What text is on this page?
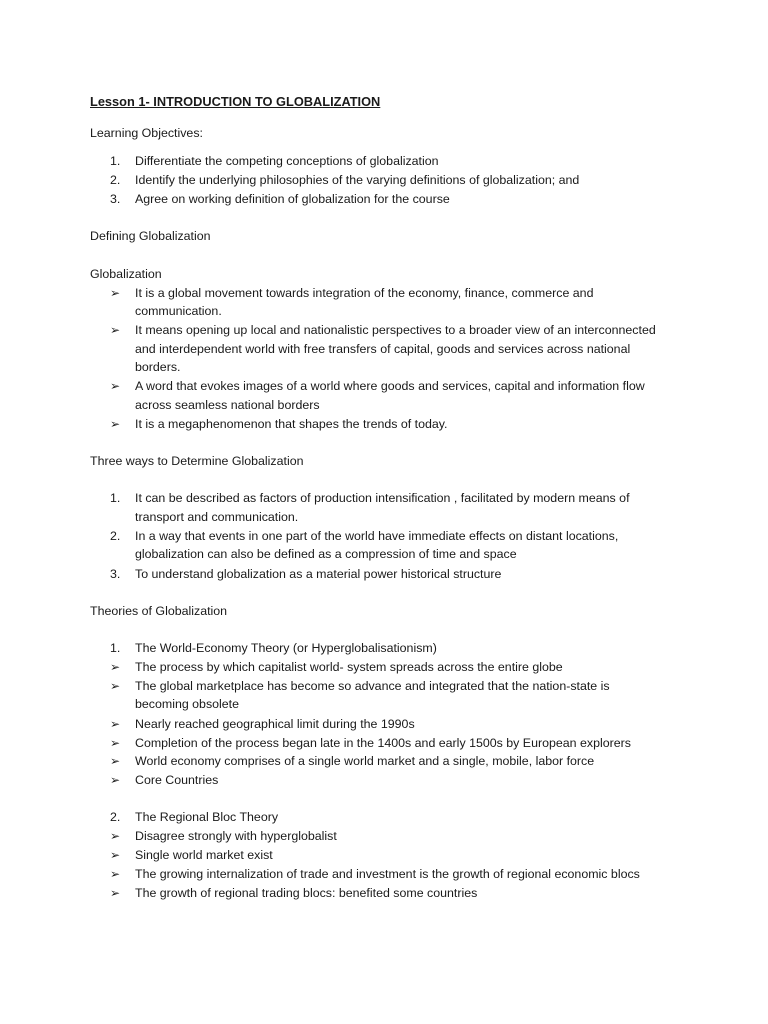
Lesson 1- INTRODUCTION TO GLOBALIZATION
Learning Objectives:
1. Differentiate the competing conceptions of globalization
2. Identify the underlying philosophies of the varying definitions of globalization; and
3. Agree on working definition of globalization for the course
Defining Globalization
Globalization
➢ It is a global movement towards integration of the economy, finance, commerce and
communication.
➢ It means opening up local and nationalistic perspectives to a broader view of an interconnected
and interdependent world with free transfers of capital, goods and services across national
borders.
➢ A word that evokes images of a world where goods and services, capital and information flow
across seamless national borders
➢ It is a megaphenomenon that shapes the trends of today.
Three ways to Determine Globalization
1. It can be described as factors of production intensification , facilitated by modern means of
transport and communication.
2. In a way that events in one part of the world have immediate effects on distant locations,
globalization can also be defined as a compression of time and space
3. To understand globalization as a material power historical structure
Theories of Globalization
1. The World-Economy Theory (or Hyperglobalisationism)
➢ The process by which capitalist world- system spreads across the entire globe
➢ The global marketplace has become so advance and integrated that the nation-state is
becoming obsolete
➢ Nearly reached geographical limit during the 1990s
➢ Completion of the process began late in the 1400s and early 1500s by European explorers
➢ World economy comprises of a single world market and a single, mobile, labor force
➢ Core Countries
2. The Regional Bloc Theory
➢ Disagree strongly with hyperglobalist
➢ Single world market exist
➢ The growing internalization of trade and investment is the growth of regional economic blocs
➢ The growth of regional trading blocs: benefited some countries
